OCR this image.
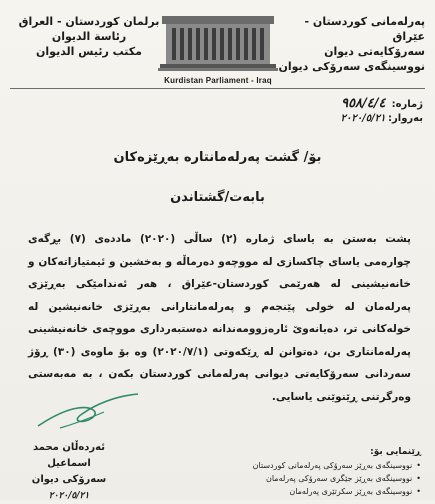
پەرلەمانی کوردستان - عێراق
سەرۆکایەتی دیوان
نووسینگەی سەرۆکی دیوان
Kurdistan Parliament - Iraq
برلمان كوردستان - العراق
رئاسة الديوان
مكتب رئيس الديوان
ژمارە: ٩٥٨/٤/٤
بەروار: ٢٠٢٠/٥/٢١
بۆ/ گشت پەرلەمانتارە بەڕێزەکان
بابەت/گشتاندن
پشت بەستن بە یاسای ژمارە (٢) ساڵی (٢٠٢٠) ماددەی (٧) بڕگەی چوارەمی یاسای چاکسازی لە مووچەو دەرماڵە و بەخشین و ئیمتیازاتەکان و خانەنیشینی لە هەرێمی کوردستان-عێراق ، هەر ئەندامێکی بەڕێزی پەرلەمان لە خولی پێنجەم و پەرلەمانتارانی بەڕێزی خانەنیشین لە خولەکانی تر، دەیانەوێ ئارەزوومەندانە دەستبەرداری مووچەی خانەنیشینی پەرلەمانتاری بن، دەتوانن لە ڕێکەوتی (٢٠٢٠/٧/١) وە بۆ ماوەی (٣٠) ڕۆژ سەردانی سەرۆکایەتی دیوانی پەرلەمانی کوردستان بکەن ، بە مەبەستی وەرگرتنی ڕێنوێنی یاسایی.
ئەردەڵان محمد اسماعیل
سەرۆکی دیوان
٢٠٢٠/٥/٢١
ڕێنمایی بۆ:
• نووسینگەی بەڕێز سەرۆکی پەرلەمانی کوردستان
• نووسینگەی بەڕێز جێگری سەرۆکی پەرلەمان
• نووسینگەی بەڕێز سکرتێری پەرلەمان
